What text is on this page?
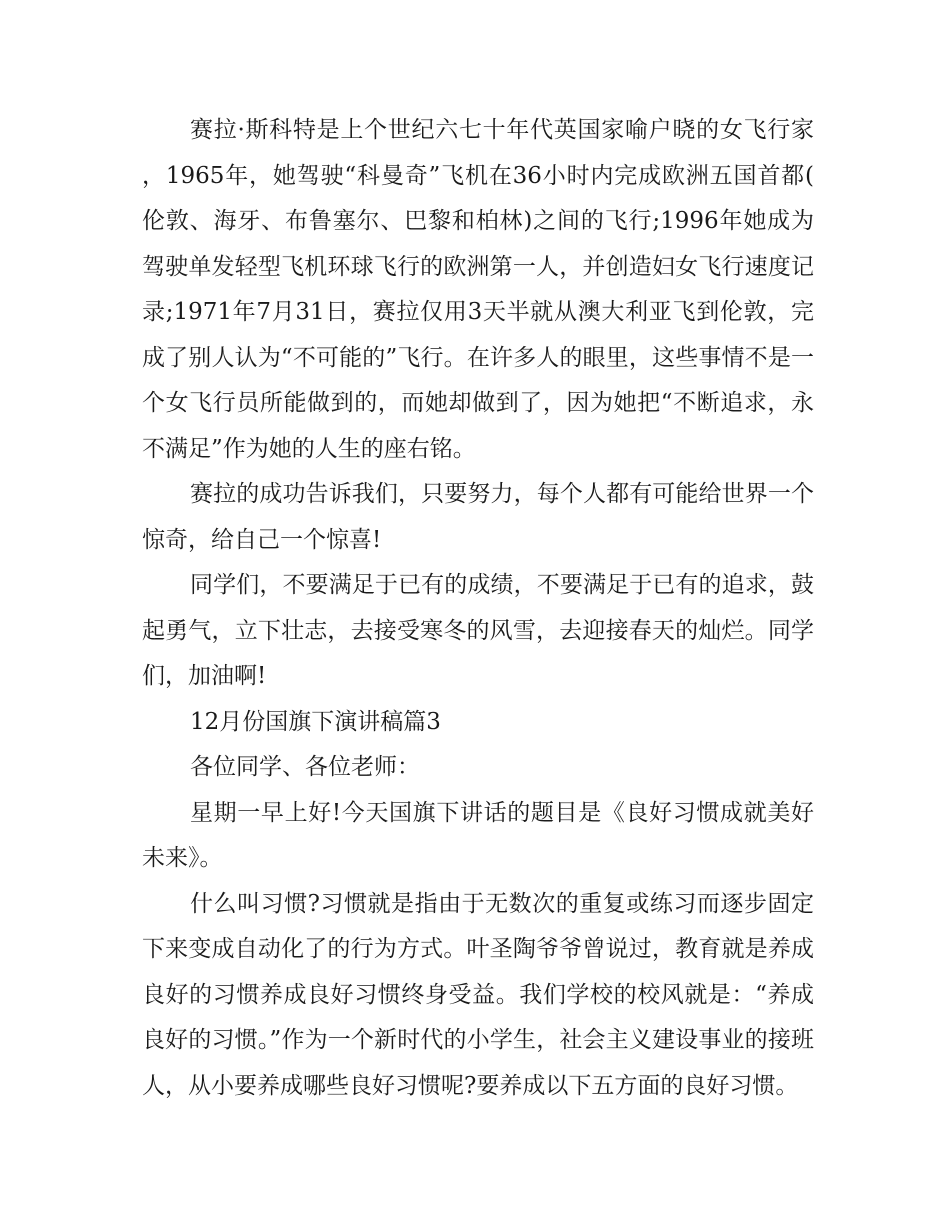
赛拉·斯科特是上个世纪六七十年代英国家喻户晓的女飞行家，1965年，她驾驶“科曼奇”飞机在36小时内完成欧洲五国首都(伦敦、海牙、布鲁塞尔、巴黎和柏林)之间的飞行;1996年她成为驾驶单发轻型飞机环球飞行的欧洲第一人，并创造妇女飞行速度记录;1971年7月31日，赛拉仅用3天半就从澳大利亚飞到伦敦，完成了别人认为“不可能的”飞行。在许多人的眼里，这些事情不是一个女飞行员所能做到的，而她却做到了，因为她把“不断追求，永不满足”作为她的人生的座右铭。

赛拉的成功告诉我们，只要努力，每个人都有可能给世界一个惊奇，给自己一个惊喜!

同学们，不要满足于已有的成绩，不要满足于已有的追求，鼓起勇气，立下壮志，去接受寒冬的风雪，去迎接春天的灿烂。同学们，加油啊!

12月份国旗下演讲稿篇3

各位同学、各位老师：

星期一早上好!今天国旗下讲话的题目是《良好习惯成就美好未来》。

什么叫习惯?习惯就是指由于无数次的重复或练习而逐步固定下来变成自动化了的行为方式。叶圣陶爷爷曾说过，教育就是养成良好的习惯养成良好习惯终身受益。我们学校的校风就是：“养成良好的习惯。”作为一个新时代的小学生，社会主义建设事业的接班人，从小要养成哪些良好习惯呢?要养成以下五方面的良好习惯。
